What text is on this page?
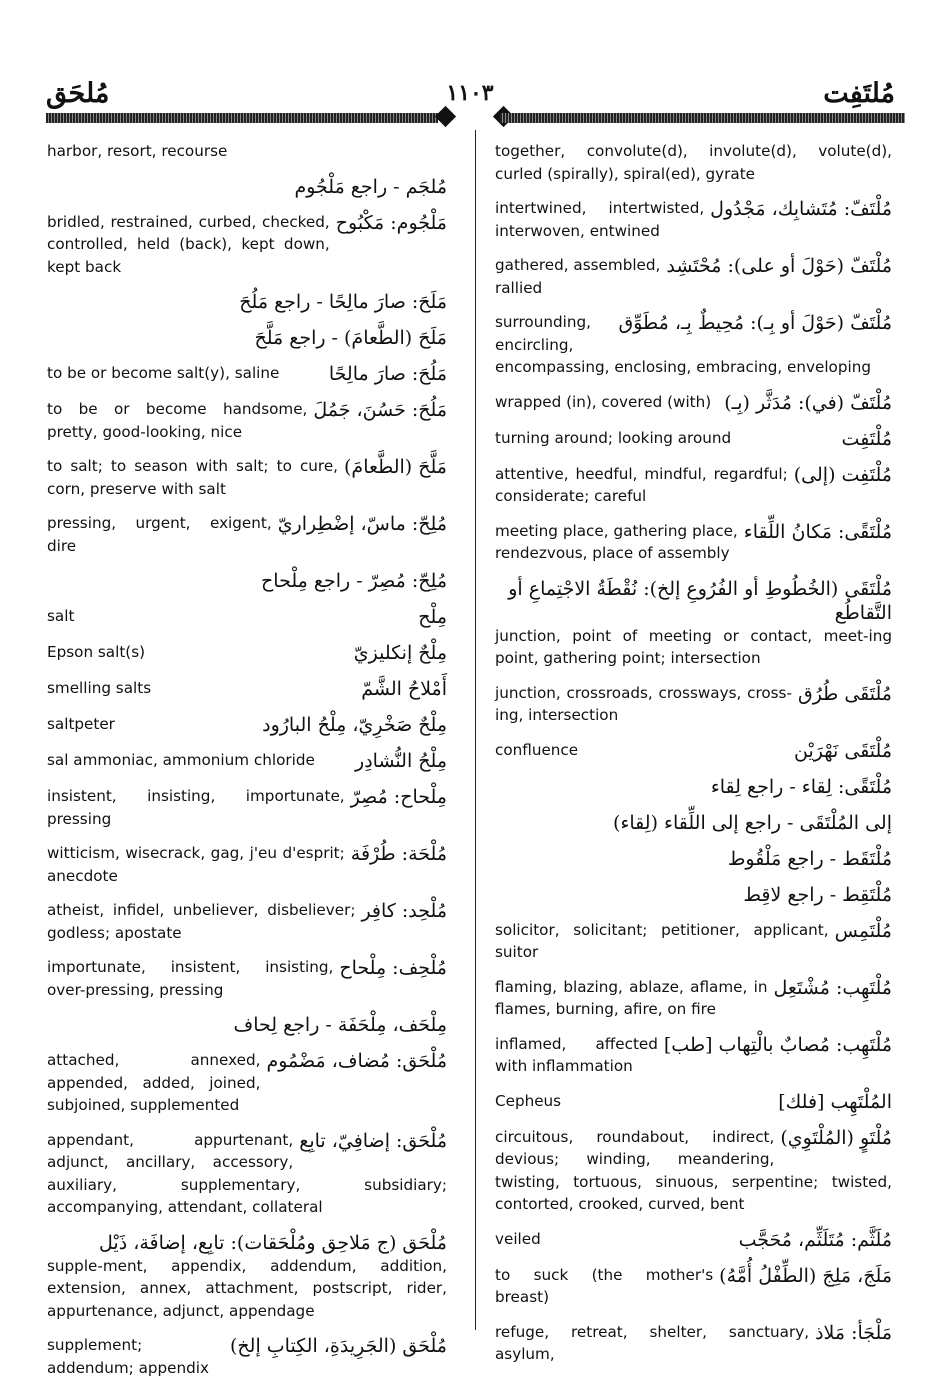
مُلحَق	١١٠٣	مُلتَفِت
harbor, resort, recourse
مُلجَم - راجع مَلْجُوم
مَلْجُوم: مَكْبُوح
bridled, restrained, curbed, checked, controlled, held (back), kept down, kept back
مَلَحَ: صارَ مالِحًا - راجع مَلُحَ
مَلَحَ (الطَّعامَ) - راجع مَلَّحَ
مَلُحَ: صارَ مالِحًا
to be or become salt(y), saline
مَلُحَ: حَسُنَ، جَمُلَ
to be or become handsome, pretty, good-looking, nice
مَلَّحَ (الطَّعامَ)
to salt; to season with salt; to cure, corn, preserve with salt
مُلِحّ: ماسّ، إضْطِراريّ
pressing, urgent, exigent, dire
مُلِحّ: مُصِرّ - راجع مِلْحاح
مِلْح
salt
مِلْحٌ إنكليزيّ
Epson salt(s)
أَمْلاحُ الشَّمّ
smelling salts
مِلْحٌ صَخْرِيّ، مِلْحُ البارُود
saltpeter
مِلْحُ النُّشادِر
sal ammoniac, ammonium chloride
مِلْحاح: مُصِرّ
insistent, insisting, importunate, pressing
مُلْحَة: طُرْفَة
witticism, wisecrack, gag, j'eu d'esprit; anecdote
مُلْحِد: كافِر
atheist, infidel, unbeliever, disbeliever; godless; apostate
مُلْحِف: مِلْحاح
importunate, insistent, insisting, over-pressing, pressing
مِلْحَف، مِلْحَفَة - راجع لِحاف
مُلْحَق: مُضاف، مَضْمُوم
attached, annexed, appended, added, joined, subjoined, supplemented
مُلْحَق: إضافِيّ، تابِع
appendant, appurtenant, adjunct, ancillary, accessory, auxiliary, supplementary, subsidiary; accompanying, attendant, collateral
مُلْحَق (ج مَلاحِق ومُلْحَقات): تابِع، إضافَة، ذَيْل
supple-ment, appendix, addendum, addition, extension, annex, attachment, postscript, rider, appurtenance, adjunct, appendage
مُلْحَق (الجَرِيدَةِ، الكِتابِ إلخ)
supplement; addendum; appendix
together, convolute(d), involute(d), volute(d), curled (spirally), spiral(ed), gyrate
مُلْتَفّ: مُتَشابِك، مَجْدُول
intertwined, intertwisted, interwoven, entwined
مُلْتَفّ (حَوْلَ أو على): مُحْتَشِد
gathered, assembled, rallied
مُلْتَفّ (حَوْلَ أو بِـ): مُحِيطٌ بِـ، مُطَوِّق
surrounding, encircling, encompassing, enclosing, embracing, enveloping
مُلْتَفّ (في): مُدَثَّر (بِـ)
wrapped (in), covered (with)
مُلْتَفِت
turning around; looking around
مُلْتَفِت (إلى)
attentive, heedful, mindful, regardful; considerate; careful
مُلْتَقًى: مَكانُ اللِّقاء
meeting place, gathering place, rendezvous, place of assembly
مُلْتَقَى (الخُطُوطِ أو الفُرُوعِ إلخ): نُقْطَةُ الاجْتِماعِ أو التَّقاطُع
junction, point of meeting or contact, meet-ing point, gathering point; intersection
مُلْتَقَى طُرُق
junction, crossroads, crossways, cross-ing, intersection
مُلْتَقَى نَهْرَيْن
confluence
مُلْتَقًى: لِقاء - راجع لِقاء
إلى المُلْتَقَى - راجع إلى اللِّقاء (لِقاء)
مُلْتَقَط - راجع مَلْقُوط
مُلْتَقِط - راجع لاقِط
مُلْتَمِس
solicitor, solicitant; petitioner, applicant, suitor
مُلْتَهِب: مُشْتَعِل
flaming, blazing, ablaze, aflame, in flames, burning, afire, on fire
مُلْتَهِب: مُصابٌ بالْتِهاب [طب]
inflamed, affected with inflammation
المُلْتَهِب [فلك]
Cepheus
مُلْتَوٍ (المُلْتَوِي)
circuitous, roundabout, indirect, devious; winding, meandering, twisting, tortuous, sinuous, serpentine; twisted, contorted, crooked, curved, bent
مُلَثَّم: مُتَلَثِّم، مُحَجَّب
veiled
مَلَجَ، مَلِجَ (الطِّفْلُ أُمَّهُ)
to suck (the mother's breast)
مَلْجَأ: مَلاذ
refuge, retreat, shelter, sanctuary, asylum,
